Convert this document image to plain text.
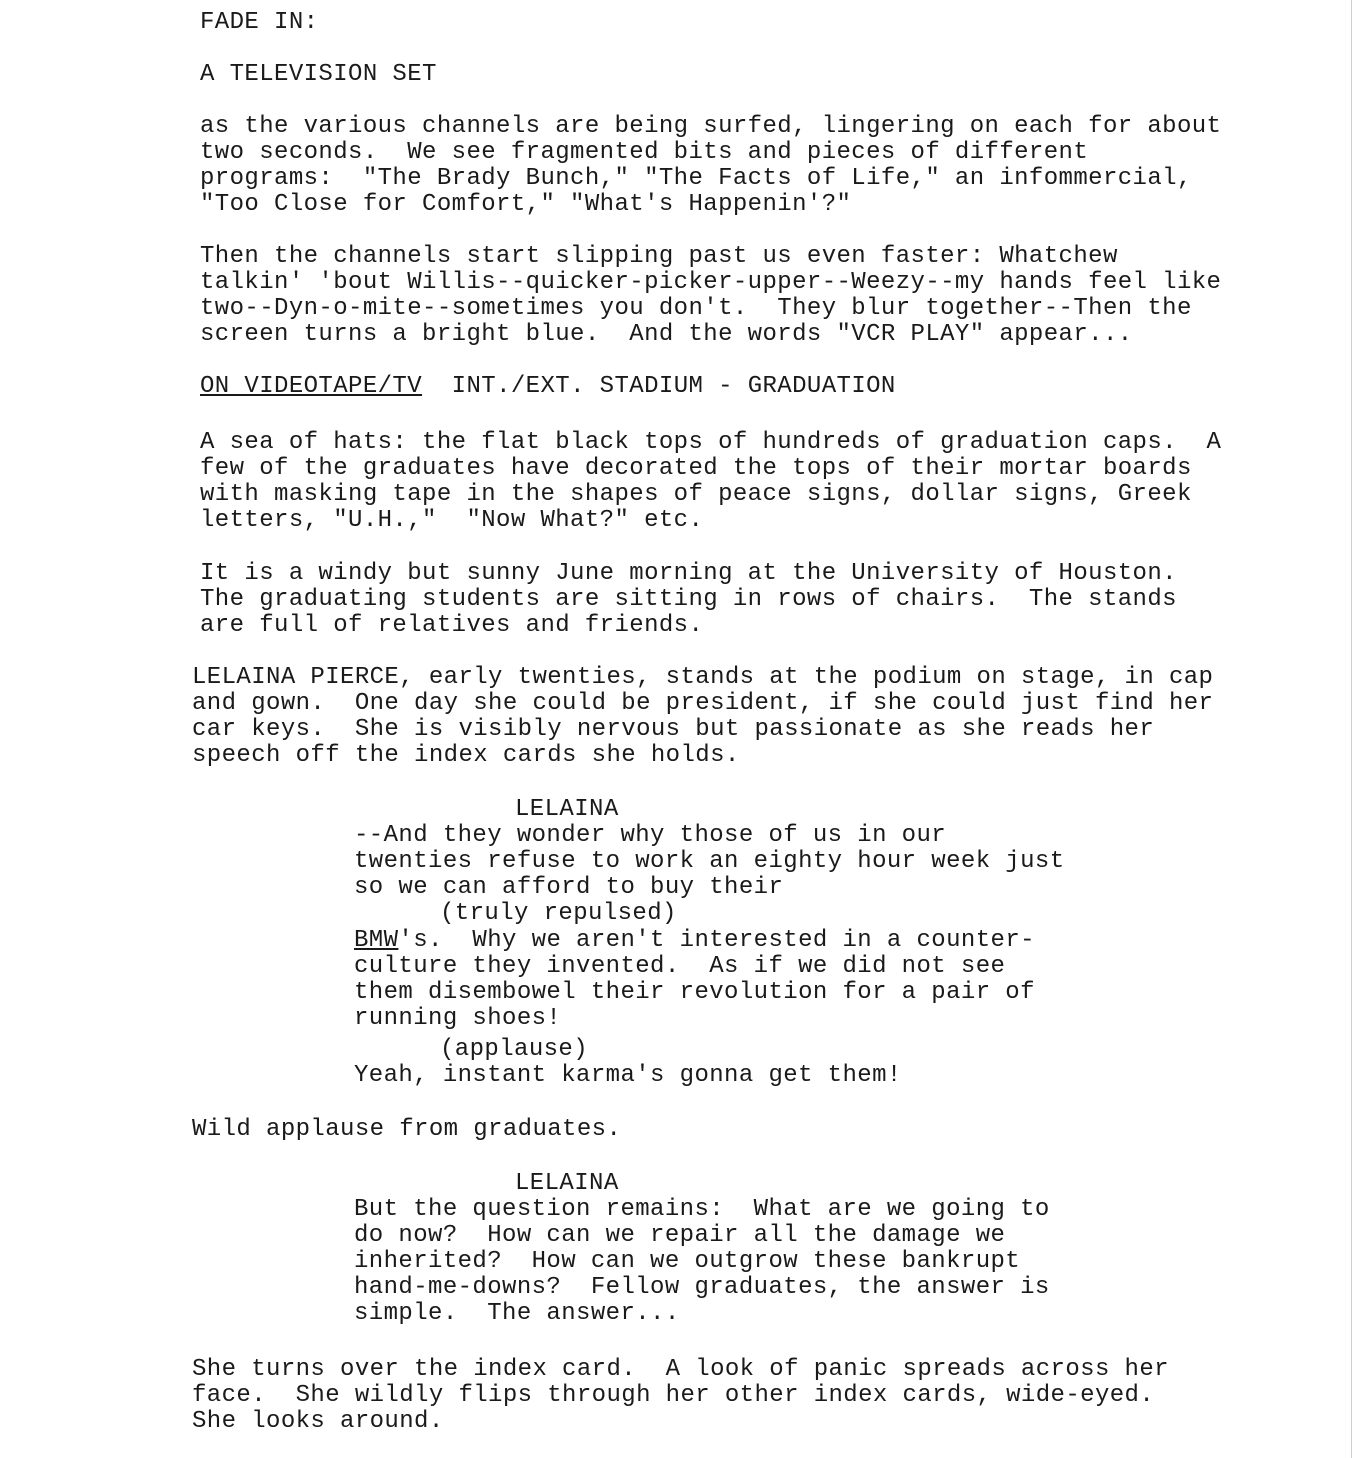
FADE IN:
A TELEVISION SET
as the various channels are being surfed, lingering on each for about
two seconds.  We see fragmented bits and pieces of different
programs:  "The Brady Bunch," "The Facts of Life," an infommercial,
"Too Close for Comfort," "What's Happenin'?"
Then the channels start slipping past us even faster: Whatchew
talkin' 'bout Willis--quicker-picker-upper--Weezy--my hands feel like
two--Dyn-o-mite--sometimes you don't.  They blur together--Then the
screen turns a bright blue.  And the words "VCR PLAY" appear...
ON VIDEOTAPE/TV INT./EXT. STADIUM - GRADUATION
A sea of hats: the flat black tops of hundreds of graduation caps.  A
few of the graduates have decorated the tops of their mortar boards
with masking tape in the shapes of peace signs, dollar signs, Greek
letters, "U.H.,"  "Now What?" etc.
It is a windy but sunny June morning at the University of Houston.
The graduating students are sitting in rows of chairs.  The stands
are full of relatives and friends.
LELAINA PIERCE, early twenties, stands at the podium on stage, in cap
and gown.  One day she could be president, if she could just find her
car keys.  She is visibly nervous but passionate as she reads her
speech off the index cards she holds.
LELAINA
--And they wonder why those of us in our
twenties refuse to work an eighty hour week just
so we can afford to buy their
(truly repulsed)
BMW's.  Why we aren't interested in a counter-
culture they invented.  As if we did not see
them disembowel their revolution for a pair of
running shoes!
(applause)
Yeah, instant karma's gonna get them!
Wild applause from graduates.
LELAINA
But the question remains:  What are we going to
do now?  How can we repair all the damage we
inherited?  How can we outgrow these bankrupt
hand-me-downs?  Fellow graduates, the answer is
simple.  The answer...
She turns over the index card.  A look of panic spreads across her
face.  She wildly flips through her other index cards, wide-eyed.
She looks around.
